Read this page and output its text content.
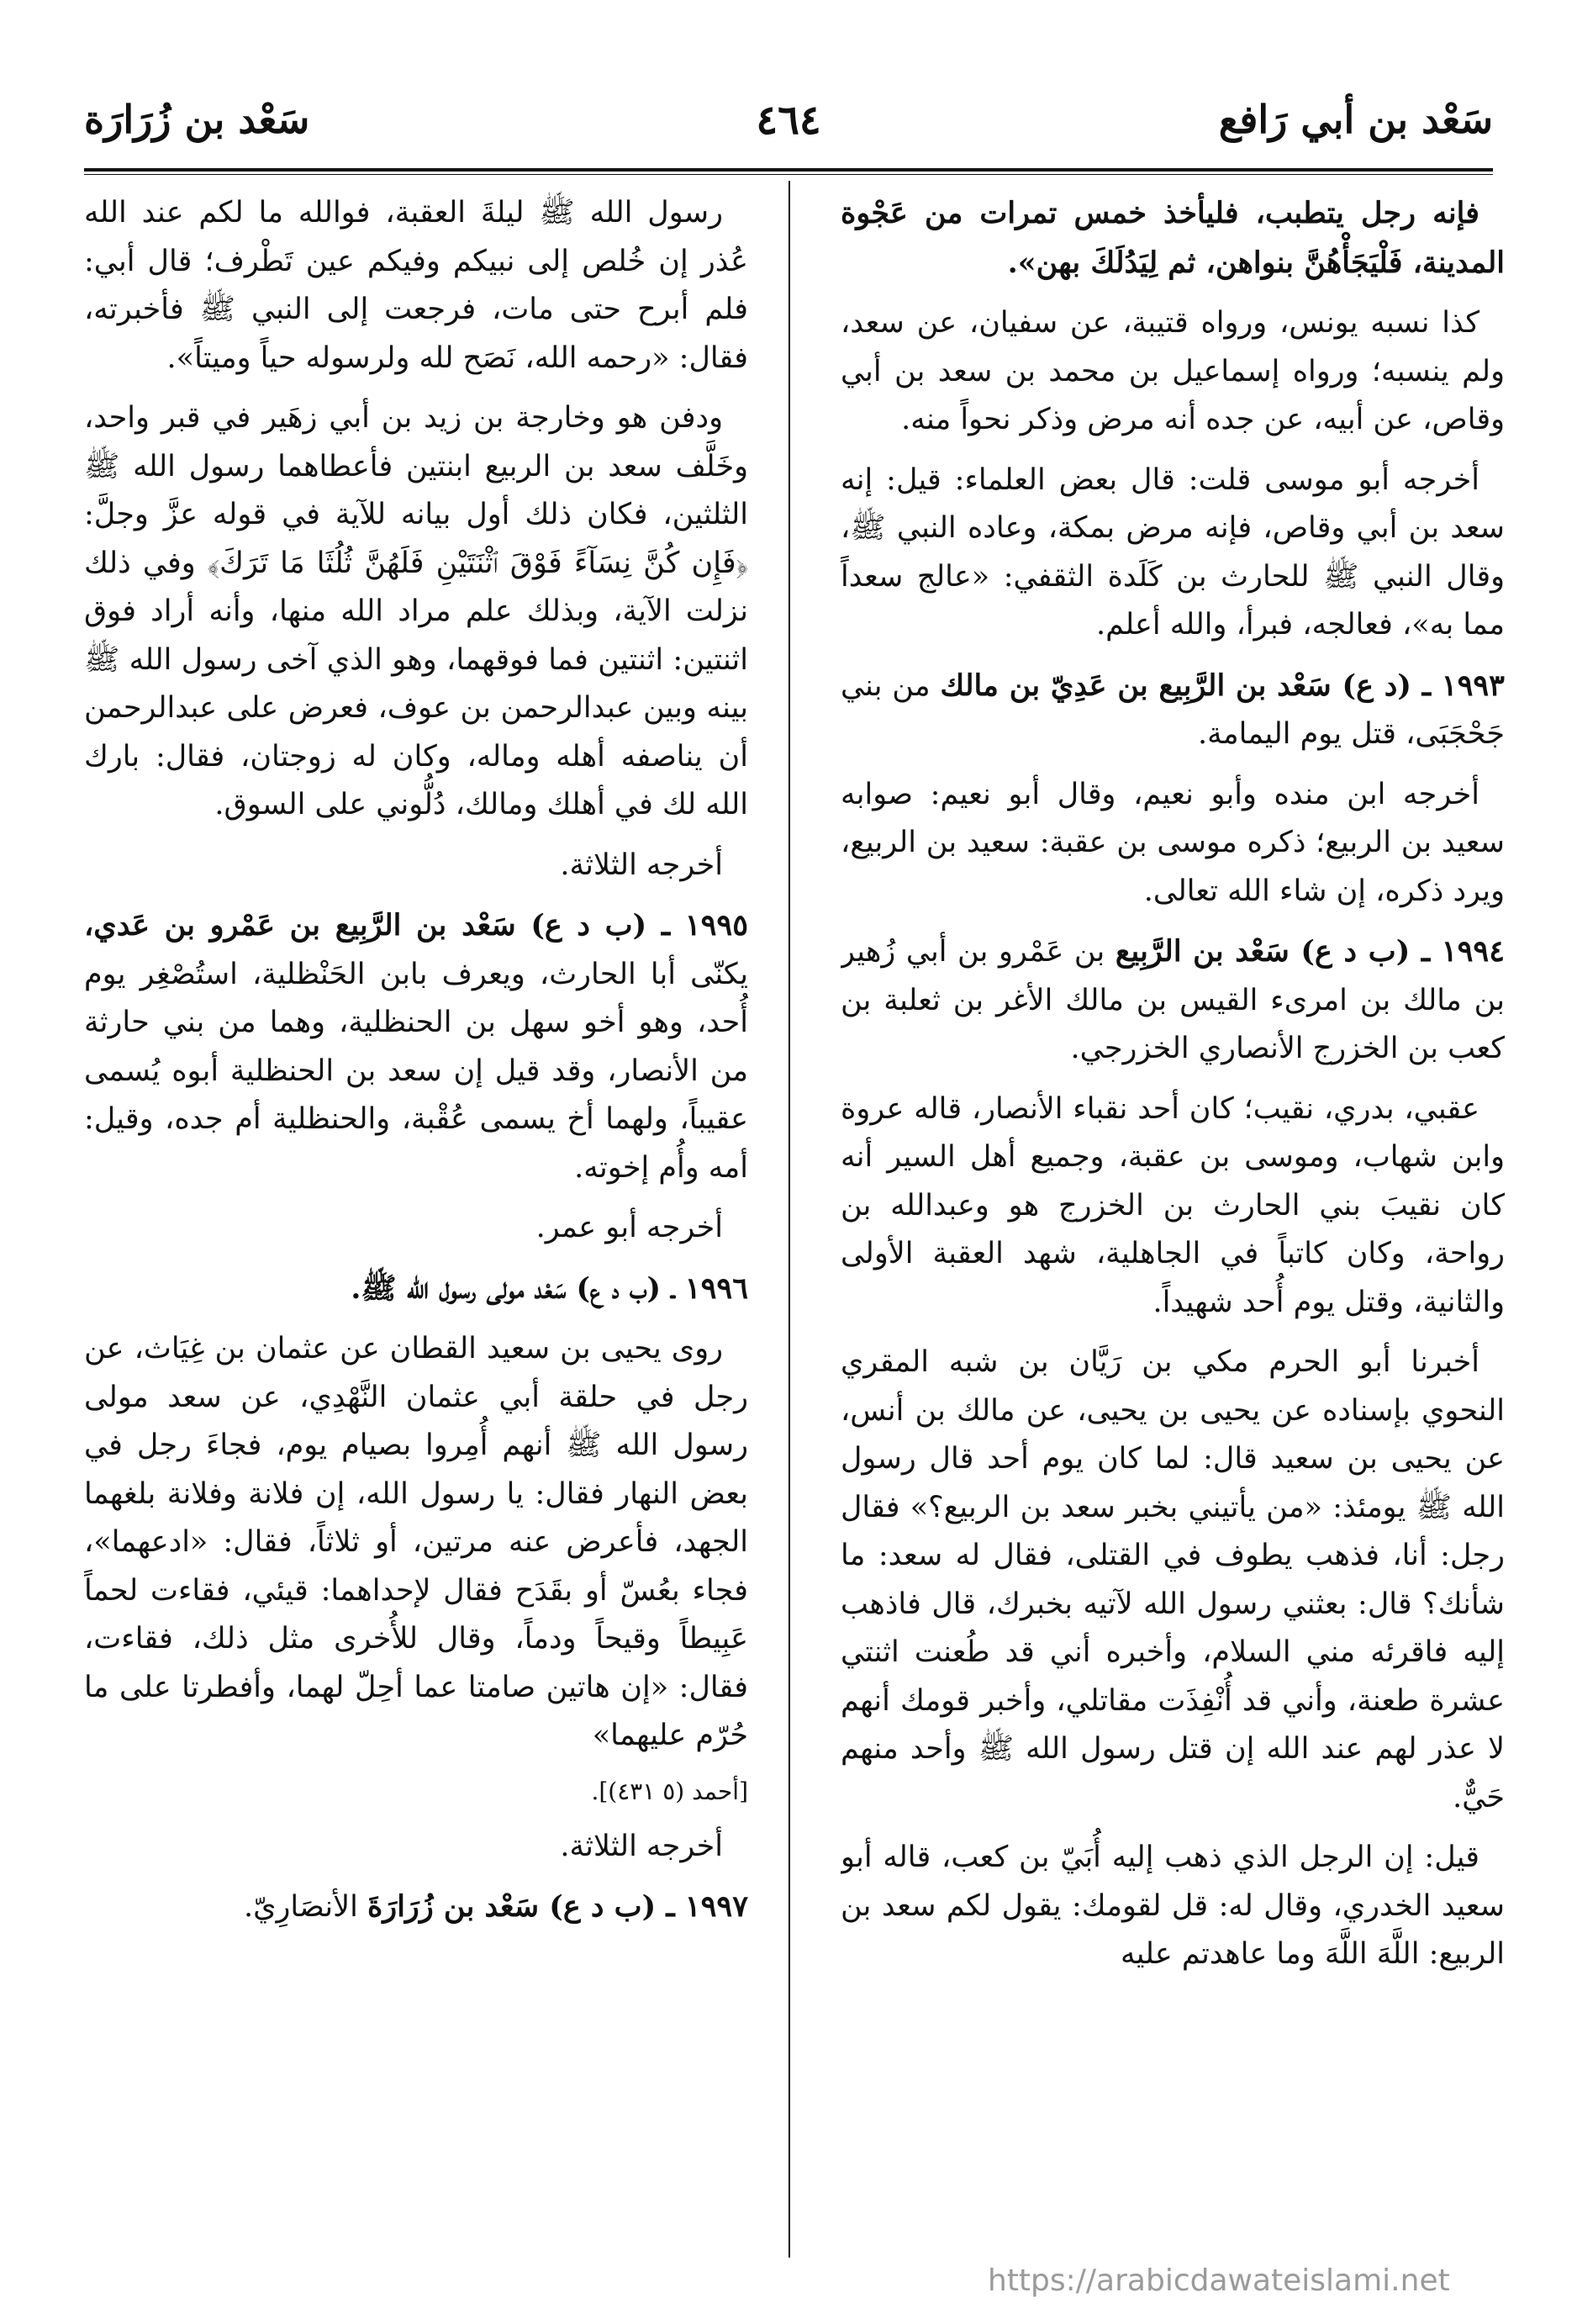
سَعْد بن أبي رَافع
٤٦٤
سَعْد بن زُرَارَة

فإنه رجل يتطبب، فليأخذ خمس تمرات من عَجْوة المدينة، فَلْيَجَأْهُنَّ بنواهن، ثم لِيَدُلَكَ بهن».

كذا نسبه يونس، ورواه قتيبة، عن سفيان، عن سعد، ولم ينسبه؛ ورواه إسماعيل بن محمد بن سعد بن أبي وقاص، عن أبيه، عن جده أنه مرض وذكر نحواً منه.

أخرجه أبو موسى قلت: قال بعض العلماء: قيل: إنه سعد بن أبي وقاص، فإنه مرض بمكة، وعاده النبي ﷺ، وقال النبي ﷺ للحارث بن كَلَدة الثقفي: «عالج سعداً مما به»، فعالجه، فبرأ، والله أعلم.

١٩٩٣ ـ (د ع) سَعْد بن الرَّبِيع بن عَدِيّ بن مالك من بني جَحْجَبَى، قتل يوم اليمامة.

أخرجه ابن منده وأبو نعيم، وقال أبو نعيم: صوابه سعيد بن الربيع؛ ذكره موسى بن عقبة: سعيد بن الربيع، ويرد ذكره، إن شاء الله تعالى.

١٩٩٤ ـ (ب د ع) سَعْد بن الرَّبِيع بن عَمْرو بن أبي زُهير بن مالك بن امرىء القيس بن مالك الأغر بن ثعلبة بن كعب بن الخزرج الأنصاري الخزرجي.

عقبي، بدري، نقيب؛ كان أحد نقباء الأنصار، قاله عروة وابن شهاب، وموسى بن عقبة، وجميع أهل السير أنه كان نقيبَ بني الحارث بن الخزرج هو وعبدالله بن رواحة، وكان كاتباً في الجاهلية، شهد العقبة الأولى والثانية، وقتل يوم أُحد شهيداً.

أخبرنا أبو الحرم مكي بن رَيَّان بن شبه المقري النحوي بإسناده عن يحيى بن يحيى، عن مالك بن أنس، عن يحيى بن سعيد قال: لما كان يوم أحد قال رسول الله ﷺ يومئذ: «من يأتيني بخبر سعد بن الربيع؟» فقال رجل: أنا، فذهب يطوف في القتلى، فقال له سعد: ما شأنك؟ قال: بعثني رسول الله لآتيه بخبرك، قال فاذهب إليه فاقرئه مني السلام، وأخبره أني قد طُعنت اثنتي عشرة طعنة، وأني قد أُنْفِذَت مقاتلي، وأخبر قومك أنهم لا عذر لهم عند الله إن قتل رسول الله ﷺ وأحد منهم حَيٌّ.

قيل: إن الرجل الذي ذهب إليه أُبَيّ بن كعب، قاله أبو سعيد الخدري، وقال له: قل لقومك: يقول لكم سعد بن الربيع: اللَّهَ اللَّهَ وما عاهدتم عليه

رسول الله ﷺ ليلةَ العقبة، فوالله ما لكم عند الله عُذر إن خُلص إلى نبيكم وفيكم عين تَطْرف؛ قال أبي: فلم أبرح حتى مات، فرجعت إلى النبي ﷺ فأخبرته، فقال: «رحمه الله، نَصَح لله ولرسوله حياً وميتاً».

ودفن هو وخارجة بن زيد بن أبي زهَير في قبر واحد، وخَلَّف سعد بن الربيع ابنتين فأعطاهما رسول الله ﷺ الثلثين، فكان ذلك أول بيانه للآية في قوله عزَّ وجلَّ: ﴿فَإِن كُنَّ نِسَآءً فَوْقَ ٱثْنَتَيْنِ فَلَهُنَّ ثُلُثَا مَا تَرَكَ﴾ وفي ذلك نزلت الآية، وبذلك علم مراد الله منها، وأنه أراد فوق اثنتين: اثنتين فما فوقهما، وهو الذي آخى رسول الله ﷺ بينه وبين عبدالرحمن بن عوف، فعرض على عبدالرحمن أن يناصفه أهله وماله، وكان له زوجتان، فقال: بارك الله لك في أهلك ومالك، دُلُّوني على السوق.

أخرجه الثلاثة.

١٩٩٥ ـ (ب د ع) سَعْد بن الرَّبِيع بن عَمْرو بن عَدي، يكنّى أبا الحارث، ويعرف بابن الحَنْظلية، استُصْغِر يوم أُحد، وهو أخو سهل بن الحنظلية، وهما من بني حارثة من الأنصار، وقد قيل إن سعد بن الحنظلية أبوه يُسمى عقيباً، ولهما أخ يسمى عُقْبة، والحنظلية أم جده، وقيل: أمه وأُم إخوته.

أخرجه أبو عمر.

١٩٩٦ ـ (ب د ع) سَعْد مولى رسول الله ﷺ.

روى يحيى بن سعيد القطان عن عثمان بن غِيَاث، عن رجل في حلقة أبي عثمان النَّهْدِي، عن سعد مولى رسول الله ﷺ أنهم أُمِروا بصيام يوم، فجاءَ رجل في بعض النهار فقال: يا رسول الله، إن فلانة وفلانة بلغهما الجهد، فأعرض عنه مرتين، أو ثلاثاً، فقال: «ادعهما»، فجاء بعُسّ أو بقَدَح فقال لإحداهما: قيئي، فقاءت لحماً عَبِيطاً وقيحاً ودماً، وقال للأُخرى مثل ذلك، فقاءت، فقال: «إن هاتين صامتا عما أحِلّ لهما، وأفطرتا على ما حُرّم عليهما»

[أحمد (٥ ٤٣١)].

أخرجه الثلاثة.

١٩٩٧ ـ (ب د ع) سَعْد بن زُرَارَةَ الأنصَارِيّ.

https://arabicdawateislami.net
